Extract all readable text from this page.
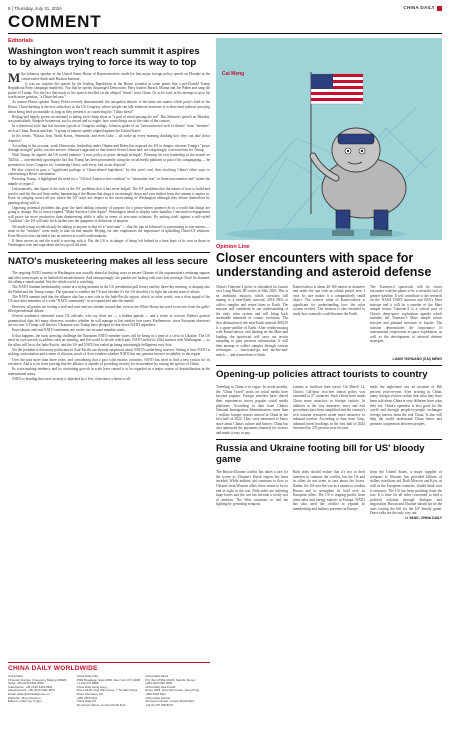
8 | Thursday, July 31, 2024	CHINA DAILY
COMMENT
Editorials
Washington won't reach summit it aspires to by always trying to force its way to top

Mike Johnson, speaker of the United States House of Representatives, made his first major foreign policy speech on Monday at the conservative think tank Hudson Institute.

It was no surprise the speech by the leading Republican in the House sounded at some points like a pre-Donald Trump Republican Party campaign manifesto. Nor that he openly disparaged Democratic Party leaders Barack Obama and Joe Biden and sang the praise of Trump. Nor the fact that much of his speech dwelled on the alleged "threat" from China. Or as he said, in his attempt to give his words more gravitas, "a China-led axis".

As former House speaker Nancy Pelosi recently demonstrated, the outspoken rhetoric is the same one matter which party's hold of the House. China-bashing is the new orthodoxy in the US Congress, where people can talk whatever nonsense is in their head without worrying about being held accountable as long as they present it as countering the "China threat".

Beijing had largely grown accustomed to taking such cheap shots as "a part of ritual passing the red". But Johnson's speech on Monday, was particularly Sinopsis-bounteous, such a cursed and so vague, how come things are to the state of the country.

In a rhetorical style that has become typical of Congress outings, Johnson spoke of an "interconnected web of threats" from "enemies" such as China, Russia and Iran, "a group of nations openly aligned against the United States".

In his words, "Russia, Iran, North Korea, Venezuela, and even Cuba ... all wake up every morning thinking how they can take down America".

According to his account, weak Democratic leadership under Obama and Biden has exposed the US to danger, whereas Trump's "peace through strength" policy was the answer. Johnson's approach to that former Soviet Union and, not surprisingly, a second term for Trump.

With Trump, he argued, the US would embrace "a new policy of peace through strength". Pursuing his own leadership in the assault on TikTok — conveniently ignoring the fact that Trump has been prominently using the social media platform as part of his campaigning — he promised to focus Congress on "countering China, with every tool at our disposal".

He also vowed to pass a "significant package of China-related legislation" by this year's end, thus resolving China's other ways to constructing a Reset constitution.

Parroting Trump, it highlighted the need for a "US-led, America-first coalition" to "rationalize fear" in American enemies and "retake the mantle of respect".

Unfortunately, that figure is the curb of the US' problems that it has never helped. The US' problems that the nature of how to build and resolve and the discord from reality hammering it the House that drags it increasingly down and ever further from the summit it aspires to. Even its cringing coerce-all ties which the US' stays not respect to the shortcoming of Washington although they deluse themselves by painting along with it.

Opposing potential problems has gone the hard fabling certainty of purpose for a prime-driven quietnes de in a world that things are going to change. Not to worry expand, "Make America Great Again". Washington needs to display some humility. Constructive engagement will prove far more productive than domineering while it talks in terms of zero-sum solutions. By putting itself against a self-styled "coalition", the US will only stick further into the quagmire of delusions of utopian.

We made trying to ridiculously be talking to anyone to that it's a "zero-sum" — that the tips of Johnson's is a promising to true nations — none of the "enemies" seem ready to take on that mantle. Beijing, for one, emphasizes the importance of upholding China-US relations. Even Moscow has clarified it has no interest in world confrontations.

If these moves as and the world is moving with it. But the US is in danger of being left behind in a time hope of its own as those in Washington wait and rage about the lost good old time.

NATO's musketeering makes all less secure

The ongoing NATO summit in Washington was actually aimed at finding ways to ensure Ukraine of the organization's enduring support and offer some hopes as its battlefield misadventures. And unsurprisingly, the pundits are lurking with one clear message: Don't be alarmed, the alliance stands united. Not the whole world is watching.

The NATO Summit inexhaustibly comes at a trying moment in the US presidential poll frenzy and the three-day meeting, is shaping also the Biden and the Trump camps. The question is whether the US and whether it's the US should try to fight the current state of affairs.

The NATO summit said that the alliance also has a new role in the Indo-Pacific region, which, in other words, was a clear signal of the US and other members of a wide "NATO community" or to expand and take the mantle.

However, all parties are feeling a wall and wait-and-see attitude toward that, even as the White House has tried to recover from the gaffe-filled presidential debate.

Several academics reiterated some US officials, who say there are — a hidden agenda — and a series of worries. Biden's general grammatical slips left many observers wonders whether he will manage to last another four years. Furthermore, since European observers are not sure if Trump will listen to Ukrainian war, Trump have pledged to shut down NATO regardless.

Euro-skeptic and anti-NATO sentiments are on the rise in some member states.

It that happens, the most pressing challenge the European NATO member states will be being in a time of a crisis in Ukraine. The US need its own aircraft to address such an opening, and the world to decide which part. NATO ended its 2024 summit with Washington — so the allies will be to the Indo-Pacific, and the US and NATO has ended up being increasingly belligerent over Asia.

Yet the problem is that many politicians in Asia-Pacific are already suspicious about NATO's underlying motives. Seeing is how NATO is stoking confrontation and a sense of division, much of Asia wonders whether NATO has any genuine interest in stability in the region.

Over the past more than three years, and considering that a pact with various countries, NATO has tried to find a new reason for its existence. And it is far from proving that the alliance is capable of providing security for its members by raising the spectre of China.

Its crisis-making tendency and its continuing growth in scale have caused it to be regarded as a major source of destabilization in the international arena.

NATO is bending that once security is hijacked by a few, it becomes a threat to all.

CHINA DAILY WORLDWIDE
China Daily
15 Huixin Dongjie, Chaoyang, Beijing 100029
News: +86 (0)10 6491-8366
Subscription: +86 (0)10 6491-8621
Advertisement: +86 (0)10 6491-8631
Email: editor@chinadaily.com.cn
Publisher: Zhou Shuchun
Editor-in-Chief: Qu Yingpu
China Daily USA
1500 Broadway, Suite 2800, New York, NY 10036
+1 212 537 8888
China Daily Hong Kong
Room 1818, Hing Wai Centre, 7 Tin Wan Praya Road, Aberdeen, HK
+852 2518 5111
China Daily UK
90 Cannon Street, London EC4N 6HA
China Daily Africa
P.O. Box 27281-00100, Nairobi, Kenya
+254 (0)20 692 2000
China Daily Asia Pacific
Room 1818, Hing Wai Centre, Hong Kong
+852 2518 5111
China Daily Europe
90 Cannon Street, London EC4N 6HA
+44 (0) 207 398 8270
Cai Meng
Opinion Line
Closer encounters with space for understanding and asteroid defense
China's Tianwen-2 probe is scheduled for launch on a Long March 3B rocket in May 2025. This is an ambitious mission, which scientists still aiming to a near-Earth asteroid, 2016 HO3 to collect samples and return them to Earth. The mission will contribute to our understanding of the early solar system and will bring back invaluable materials of cosmic evolution. The first destination of the near-Earth asteroid 469219 is a quasi-satellite of Earth. After rendezvousing with Kamo'oalewa, and landing on the Mars and landing, the spacecraft will carry out in-situ sampling to gain precious information. It will then attempt to collect samples through various techniques — touch-and-go and anchor-and-attach — and return them to Earth.
Kamo'oalewa is about 40-100 meters in diameter and orbits the sun with an orbital period near 1 year. Its size makes it a comparatively small object. The science value of Kamo'oalewa is significant for understanding how the solar system evolves. The mission is also intended to study how asteroids could threaten the Earth.
The Tianwen-2 spacecraft will be closer encounter with the planet to be a scientific tool of greater stability. It will contribute to the research on the NASA DART mission and ESA's Hera mission and it will be a transfer of the Mars sample return. Tianwen-2 is a critical part of China's deep-space exploration agenda which includes the Tianwen-3 Mars sample return mission and planned missions to Jupiter. The mission demonstrates the importance of international cooperation in space exploration, as well as the development of asteroid defense strategies.
LIANG YISHUANG (CAI) MENG
Opening-up policies attract tourists to country
Traveling to China is in vogue. In recent months, the "China Travel" posts on social media have become popular. Foreign travelers have shared their experiences across popular social media platforms. According to data from China's National Immigration Administration, more than 1 million foreign visitors arrived in China in the first half of 2024. They were interested to know more about China's culture and history. China has also optimized the payments channels for visitors and made it easy to pay.
tourists to facilitate their travel. On March 14, China's 144-hour visa-free transit policy was extended to 37 countries. Such efforts have made China more attractive to foreign visitors. In addition to the visa measures, entry and exit procedures have been simplified and the country's rich tourism resources made more attractive to inbound tourists. According to data from Ctrip, inbound travel bookings in the first half of 2024 increased by 270 percent year-on-year.
made the night-time city an increase of 466 percent year-on-year. After arriving in China, many foreign visitors realize that what they have been told about China is very different from what they see. China's openness is also good for the world and through people-to-people exchanges foreign tourists learn the real China. It also will help the world understand China better and promote cooperation between peoples.
Russia and Ukraine footing bill for US' bloody game
The Russia-Ukraine conflict has taken a turn for the worse as Ukraine's Kursk region has been invaded. While military aid continues to flow to Ukraine from Western allies, there seems to be no end in sight to the war. Both sides are suffering huge losses and the war has become a costly war of attrition. The West continues to fuel the fighting by providing weapons.
Both sides should realize that it's not in their interests to continue the conflict, but the US and its allies do not seem to care about the losses. Rather, the US sees the war as a means to weaken Russia and to strengthen its hold over its European allies. The US is reaping profits from arms sales and energy exports to Europe. NATO has also used the conflict to expand its membership and military presence in Europe.
from the United States, a major supplier of weapons to Ukraine, has provided billions of dollars in military aid. Both Moscow and Kyiv, as well as the European countries, should think over it seriously. The US has been profiting from the war. It is time for all sides concerned to find a political solution through dialogue and negotiation. Russia and Ukraine should not be the ones footing the bill for the US' bloody game. Peace talks are the only way out.
LI YANG, CHINA DAILY
